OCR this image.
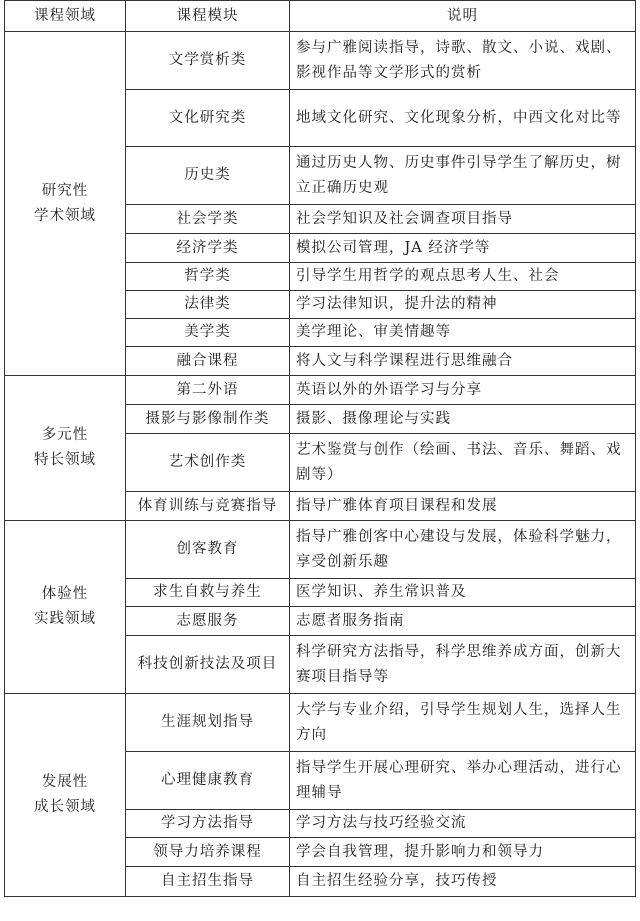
课程领域	课程模块	说明

研究性
学术领域	文学赏析类	参与广雅阅读指导，诗歌、散文、小说、戏剧、影视作品等文学形式的赏析
	文化研究类	地域文化研究、文化现象分析，中西文化对比等
	历史类	通过历史人物、历史事件引导学生了解历史，树立正确历史观
	社会学类	社会学知识及社会调查项目指导
	经济学类	模拟公司管理，JA 经济学等
	哲学类	引导学生用哲学的观点思考人生、社会
	法律类	学习法律知识，提升法的精神
	美学类	美学理论、审美情趣等
	融合课程	将人文与科学课程进行思维融合

多元性
特长领域	第二外语	英语以外的外语学习与分享
	摄影与影像制作类	摄影、摄像理论与实践
	艺术创作类	艺术鉴赏与创作（绘画、书法、音乐、舞蹈、戏剧等）
	体育训练与竞赛指导	指导广雅体育项目课程和发展

体验性
实践领域	创客教育	指导广雅创客中心建设与发展，体验科学魅力，享受创新乐趣
	求生自救与养生	医学知识、养生常识普及
	志愿服务	志愿者服务指南
	科技创新技法及项目	科学研究方法指导，科学思维养成方面，创新大赛项目指导等

发展性
成长领域	生涯规划指导	大学与专业介绍，引导学生规划人生，选择人生方向
	心理健康教育	指导学生开展心理研究、举办心理活动，进行心理辅导
	学习方法指导	学习方法与技巧经验交流
	领导力培养课程	学会自我管理，提升影响力和领导力
	自主招生指导	自主招生经验分享，技巧传授
